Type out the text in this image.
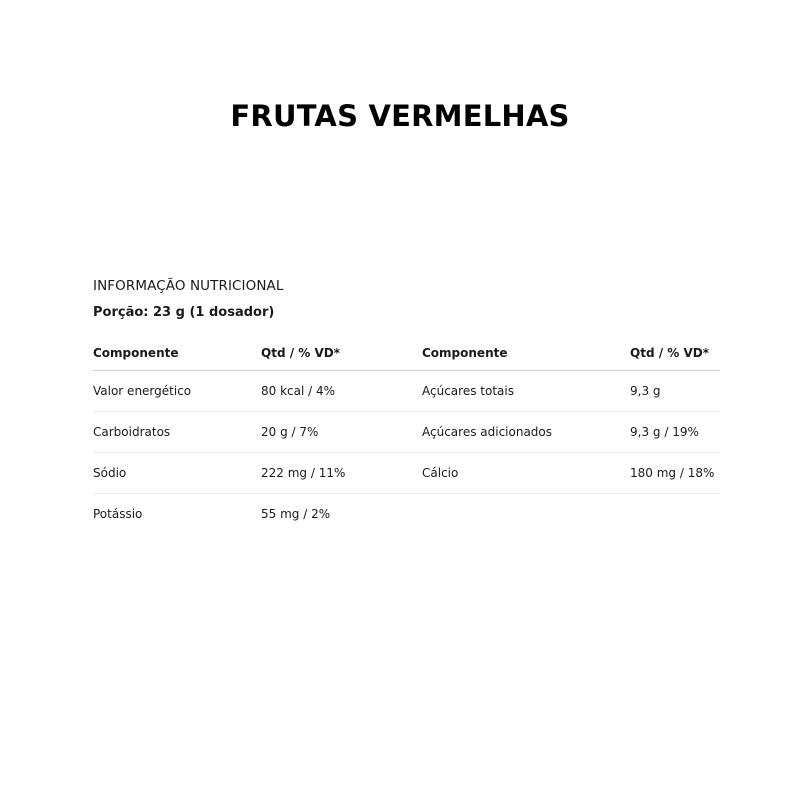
FRUTAS VERMELHAS

INFORMAÇÃO NUTRICIONAL

Porção: 23 g (1 dosador)

Componente	Qtd / % VD*	Componente	Qtd / % VD*
Valor energético	80 kcal / 4%	Açúcares totais	9,3 g
Carboidratos	20 g / 7%	Açúcares adicionados	9,3 g / 19%
Sódio	222 mg / 11%	Cálcio	180 mg / 18%
Potássio	55 mg / 2%		
